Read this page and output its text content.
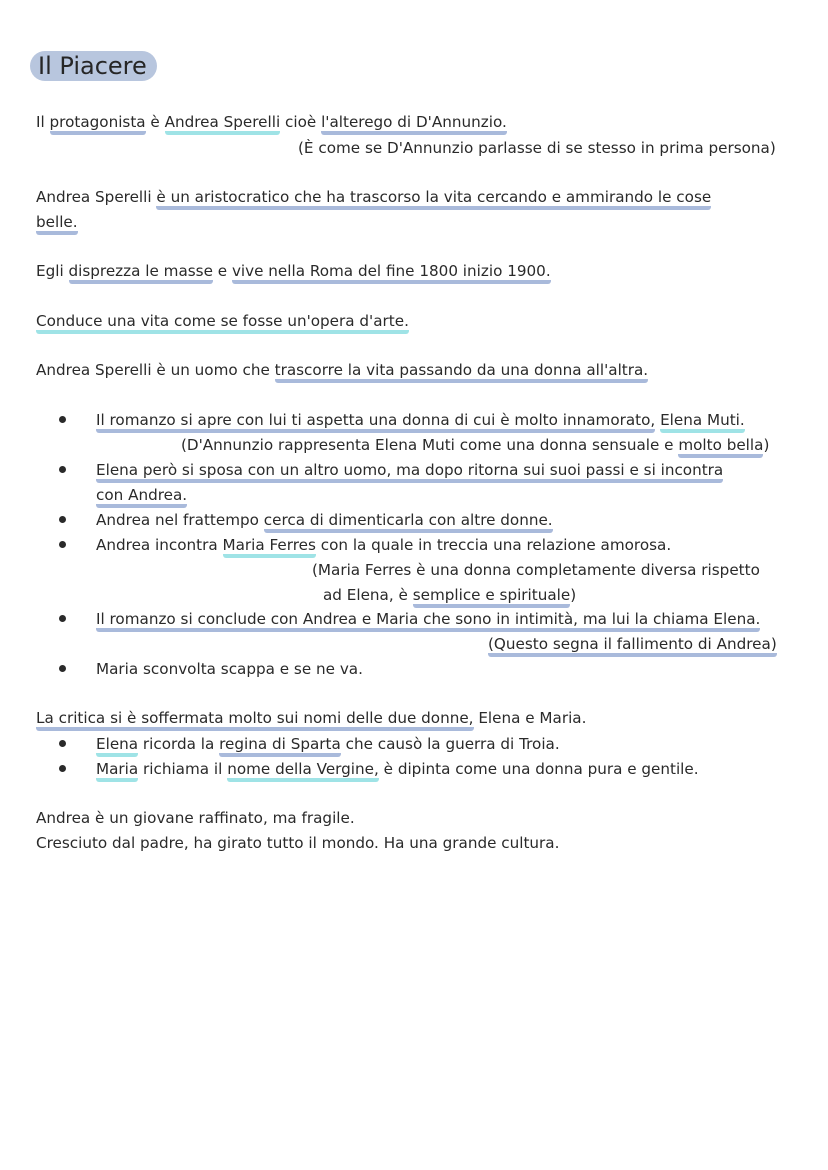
Il Piacere
Il protagonista è Andrea Sperelli cioè l'alterego di D'Annunzio.
(È come se D'Annunzio parlasse di se stesso in prima persona)
Andrea Sperelli è un aristocratico che ha trascorso la vita cercando e ammirando le cose
belle.
Egli disprezza le masse e vive nella Roma del fine 1800 inizio 1900.
Conduce una vita come se fosse un'opera d'arte.
Andrea Sperelli è un uomo che trascorre la vita passando da una donna all'altra.
Il romanzo si apre con lui ti aspetta una donna di cui è molto innamorato, Elena Muti.
(D'Annunzio rappresenta Elena Muti come una donna sensuale e molto bella)
Elena però si sposa con un altro uomo, ma dopo ritorna sui suoi passi e si incontra
con Andrea.
Andrea nel frattempo cerca di dimenticarla con altre donne.
Andrea incontra Maria Ferres con la quale in treccia una relazione amorosa.
(Maria Ferres è una donna completamente diversa rispetto
ad Elena, è semplice e spirituale)
Il romanzo si conclude con Andrea e Maria che sono in intimità, ma lui la chiama Elena.
(Questo segna il fallimento di Andrea)
Maria sconvolta scappa e se ne va.
La critica si è soffermata molto sui nomi delle due donne, Elena e Maria.
Elena ricorda la regina di Sparta che causò la guerra di Troia.
Maria richiama il nome della Vergine, è dipinta come una donna pura e gentile.
Andrea è un giovane raffinato, ma fragile.
Cresciuto dal padre, ha girato tutto il mondo. Ha una grande cultura.
